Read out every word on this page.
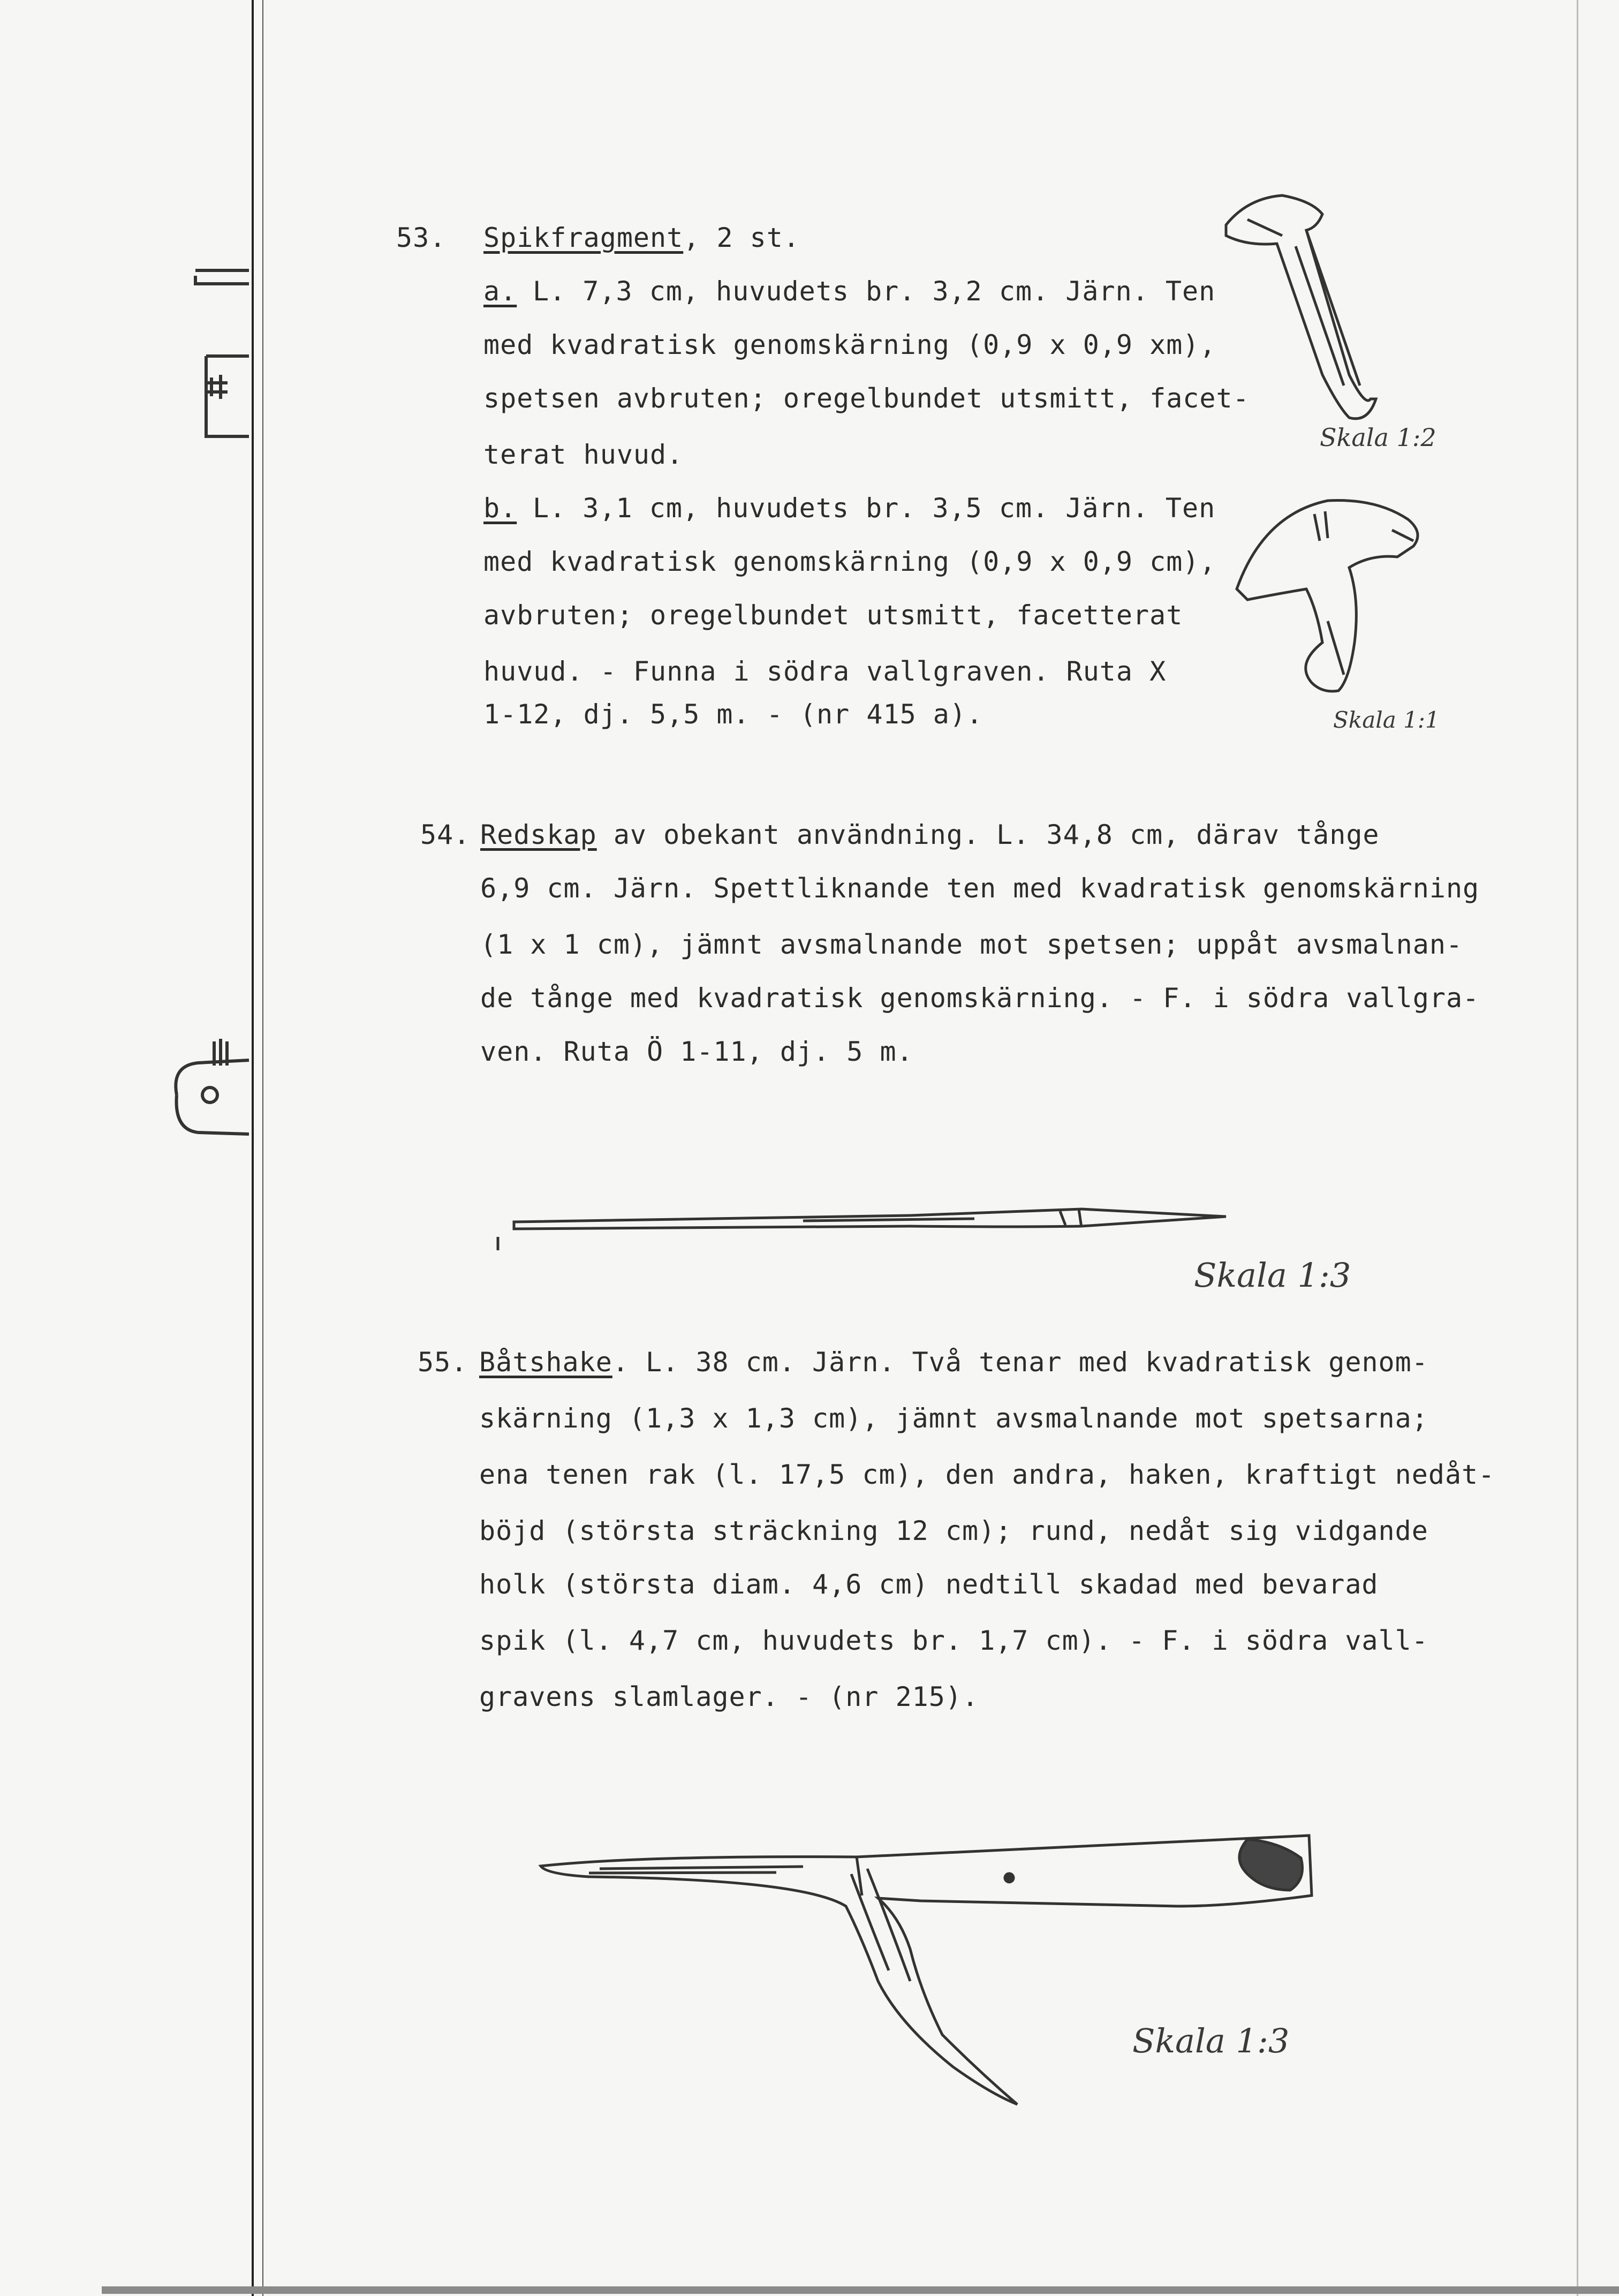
53. Spikfragment, 2 st.
a. L. 7,3 cm, huvudets br. 3,2 cm. Järn. Ten
med kvadratisk genomskärning (0,9 x 0,9 xm),
spetsen avbruten; oregelbundet utsmitt, facet-
terat huvud.
b. L. 3,1 cm, huvudets br. 3,5 cm. Järn. Ten
med kvadratisk genomskärning (0,9 x 0,9 cm),
avbruten; oregelbundet utsmitt, facetterat
huvud. - Funna i södra vallgraven. Ruta X
1-12, dj. 5,5 m. - (nr 415 a).
Skala 1:2
Skala 1:1
54. Redskap av obekant användning. L. 34,8 cm, därav tånge
6,9 cm. Järn. Spettliknande ten med kvadratisk genomskärning
(1 x 1 cm), jämnt avsmalnande mot spetsen; uppåt avsmalnan-
de tånge med kvadratisk genomskärning. - F. i södra vallgra-
ven. Ruta Ö 1-11, dj. 5 m.
Skala 1:3
55. Båtshake. L. 38 cm. Järn. Två tenar med kvadratisk genom-
skärning (1,3 x 1,3 cm), jämnt avsmalnande mot spetsarna;
ena tenen rak (l. 17,5 cm), den andra, haken, kraftigt nedåt-
böjd (största sträckning 12 cm); rund, nedåt sig vidgande
holk (största diam. 4,6 cm) nedtill skadad med bevarad
spik (l. 4,7 cm, huvudets br. 1,7 cm). - F. i södra vall-
gravens slamlager. - (nr 215).
Skala 1:3
